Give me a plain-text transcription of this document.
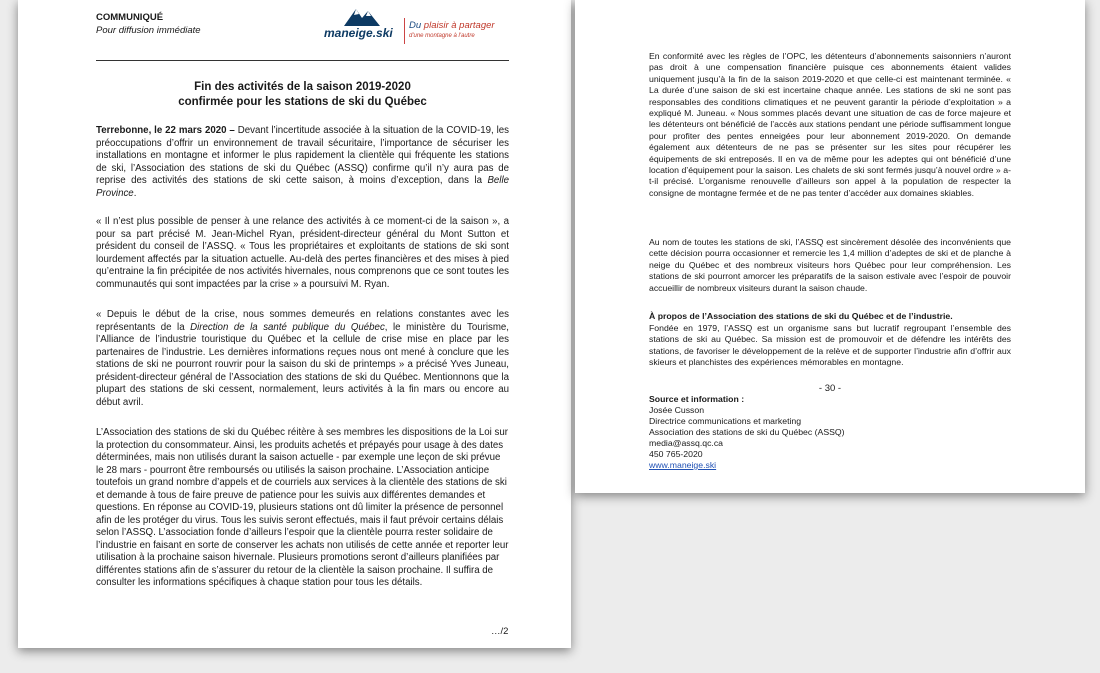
COMMUNIQUÉ
Pour diffusion immédiate	maneige.ski
Du plaisir à partager
d'une montagne à l'autre
Fin des activités de la saison 2019-2020
confirmée pour les stations de ski du Québec

Terrebonne, le 22 mars 2020 – Devant l’incertitude associée à la situation de la COVID-19, les préoccupations d’offrir un environnement de travail sécuritaire, l’importance de sécuriser les installations en montagne et informer le plus rapidement la clientèle qui fréquente les stations de ski, l’Association des stations de ski du Québec (ASSQ) confirme qu’il n’y aura pas de reprise des activités des stations de ski cette saison, à moins d’exception, dans la Belle Province.

« Il n’est plus possible de penser à une relance des activités à ce moment-ci de la saison », a pour sa part précisé M. Jean-Michel Ryan, président-directeur général du Mont Sutton et président du conseil de l’ASSQ. « Tous les propriétaires et exploitants de stations de ski sont lourdement affectés par la situation actuelle. Au-delà des pertes financières et des mises à pied qu’entraine la fin précipitée de nos activités hivernales, nous comprenons que ce sont toutes les communautés qui sont impactées par la crise » a poursuivi M. Ryan.

« Depuis le début de la crise, nous sommes demeurés en relations constantes avec les représentants de la Direction de la santé publique du Québec, le ministère du Tourisme, l’Alliance de l’industrie touristique du Québec et la cellule de crise mise en place par les partenaires de l’industrie. Les dernières informations reçues nous ont mené à conclure que les stations de ski ne pourront rouvrir pour la saison du ski de printemps » a précisé Yves Juneau, président-directeur général de l’Association des stations de ski du Québec. Mentionnons que la plupart des stations de ski cessent, normalement, leurs activités à la fin mars ou encore au début avril.

L’Association des stations de ski du Québec réitère à ses membres les dispositions de la Loi sur la protection du consommateur. Ainsi, les produits achetés et prépayés pour usage à des dates déterminées, mais non utilisés durant la saison actuelle - par exemple une leçon de ski prévue le 28 mars - pourront être remboursés ou utilisés la saison prochaine. L’Association anticipe toutefois un grand nombre d’appels et de courriels aux services à la clientèle des stations de ski et demande à tous de faire preuve de patience pour les suivis aux différentes demandes et questions. En réponse au COVID-19, plusieurs stations ont dû limiter la présence de personnel afin de les protéger du virus. Tous les suivis seront effectués, mais il faut prévoir certains délais selon l’ASSQ. L’association fonde d’ailleurs l’espoir que la clientèle pourra rester solidaire de l’industrie en faisant en sorte de conserver les achats non utilisés de cette année et reporter leur utilisation à la prochaine saison hivernale. Plusieurs promotions seront d’ailleurs planifiées par différentes stations afin de s’assurer du retour de la clientèle la saison prochaine. Il suffira de consulter les informations spécifiques à chaque station pour tous les détails.

…/2

En conformité avec les règles de l’OPC, les détenteurs d’abonnements saisonniers n’auront pas droit à une compensation financière puisque ces abonnements étaient valides uniquement jusqu’à la fin de la saison 2019-2020 et que celle-ci est maintenant terminée. « La durée d’une saison de ski est incertaine chaque année. Les stations de ski ne sont pas responsables des conditions climatiques et ne peuvent garantir la période d’exploitation » a expliqué M. Juneau. « Nous sommes placés devant une situation de cas de force majeure et les détenteurs ont bénéficié de l’accès aux stations pendant une période suffisamment longue pour profiter des pentes enneigées pour leur abonnement 2019-2020. On demande également aux détenteurs de ne pas se présenter sur les sites pour récupérer les équipements de ski entreposés. Il en va de même pour les adeptes qui ont bénéficié d’une location d’équipement pour la saison. Les chalets de ski sont fermés jusqu’à nouvel ordre » a-t-il précisé. L’organisme renouvelle d’ailleurs son appel à la population de respecter la consigne de montagne fermée et de ne pas tenter d’accéder aux domaines skiables.

Au nom de toutes les stations de ski, l’ASSQ est sincèrement désolée des inconvénients que cette décision pourra occasionner et remercie les 1,4 million d’adeptes de ski et de planche à neige du Québec et des nombreux visiteurs hors Québec pour leur compréhension. Les stations de ski pourront amorcer les préparatifs de la saison estivale avec l’espoir de pouvoir accueillir de nombreux visiteurs durant la saison chaude.

À propos de l’Association des stations de ski du Québec et de l’industrie.

Fondée en 1979, l’ASSQ est un organisme sans but lucratif regroupant l’ensemble des stations de ski au Québec. Sa mission est de promouvoir et de défendre les intérêts des stations, de favoriser le développement de la relève et de supporter l’industrie afin d’offrir aux skieurs et planchistes des expériences mémorables en montagne.

- 30 -

Source et information :

Josée Cusson

Directrice communications et marketing

Association des stations de ski du Québec (ASSQ)

media@assq.qc.ca

450 765-2020

www.maneige.ski
